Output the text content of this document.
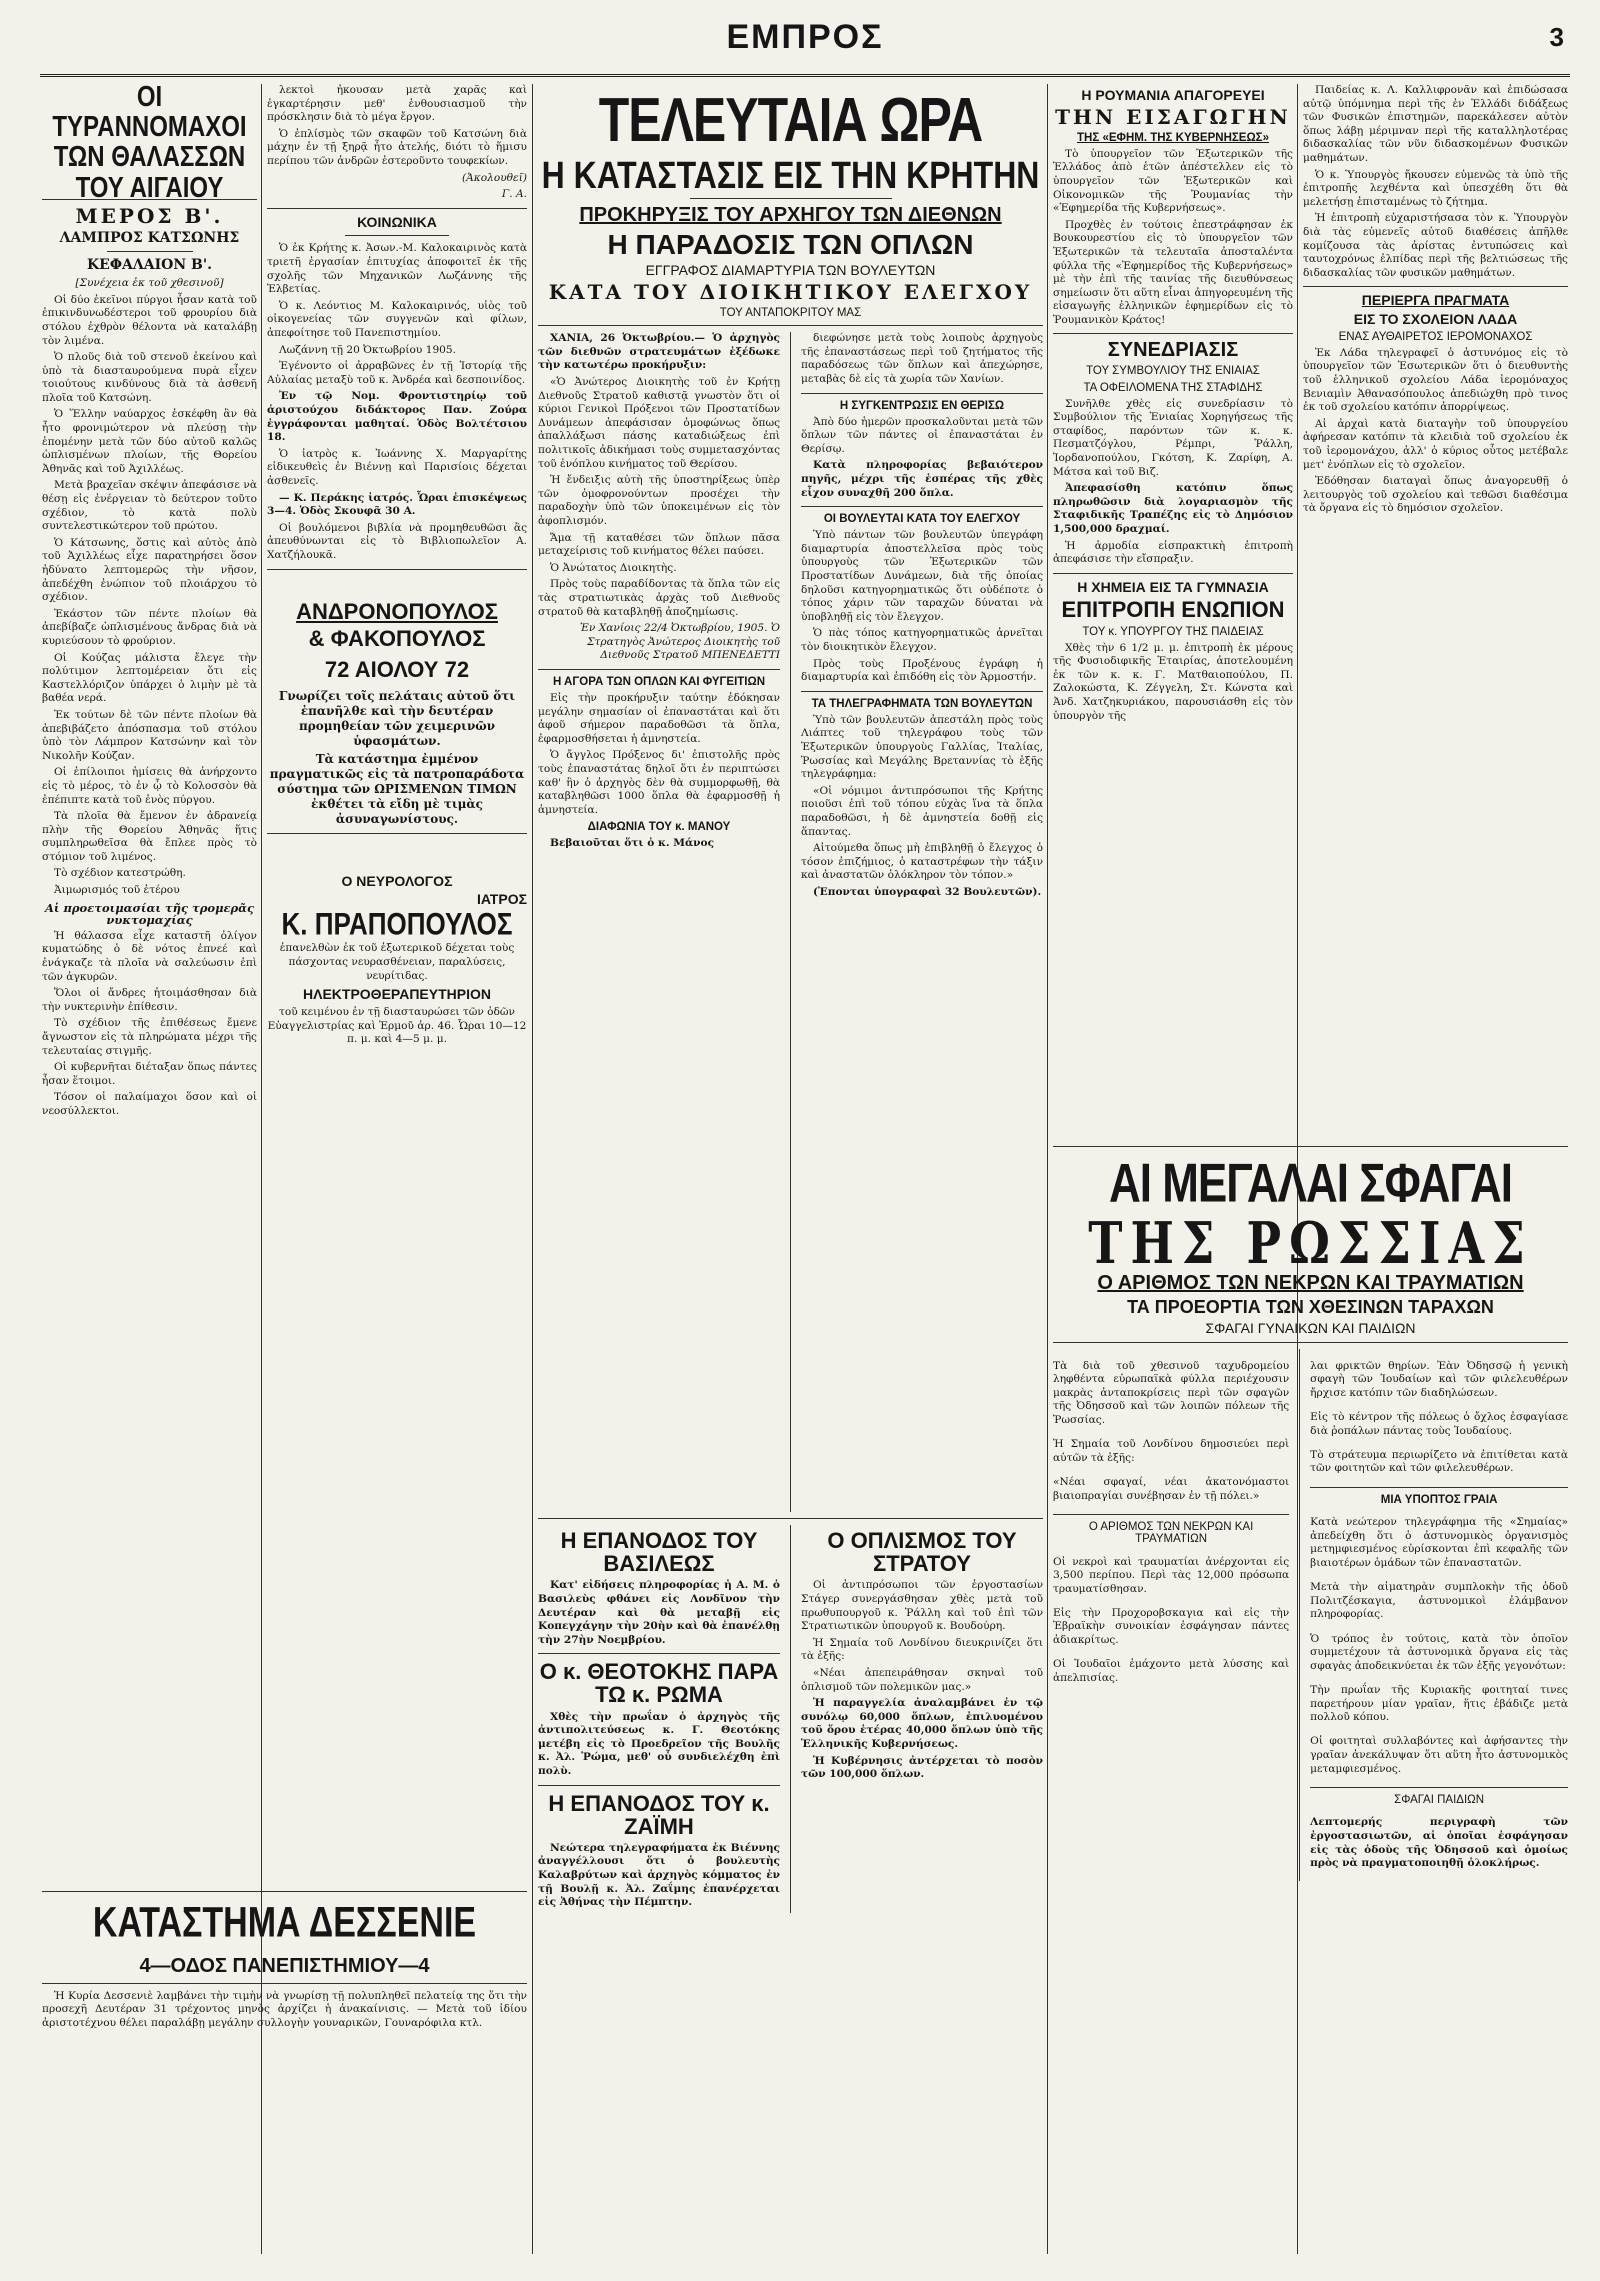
ΕΜΠΡΟΣ	3
ΟΙ ΤΥΡΑΝΝΟΜΑΧΟΙ ΤΩΝ ΘΑΛΑΣΣΩΝ ΤΟΥ ΑΙΓΑΙΟΥ
ΜΕΡΟΣ Β'.
ΛΑΜΠΡΟΣ ΚΑΤΣΩΝΗΣ
ΚΕΦΑΛΑΙΟΝ Β'.

[Συνέχεια ἐκ τοῦ χθεσινοῦ]

Οἱ δύο ἐκεῖνοι πύργοι ἦσαν κατὰ τοῦ ἐπικινδυνωδέστεροι τοῦ φρουρίου διὰ στόλου ἐχθρὸν θέλοντα νὰ καταλάβῃ τὸν λιμένα.

Ὁ πλοῦς διὰ τοῦ στενοῦ ἐκείνου καὶ ὑπὸ τὰ διασταυρούμενα πυρὰ εἶχεν τοιούτους κινδύνους διὰ τὰ ἀσθενῆ πλοῖα τοῦ Κατσώνη.

Ὁ Ἕλλην ναύαρχος ἐσκέφθη ἂν θὰ ἦτο φρονιμώτερον νὰ πλεύσῃ τὴν ἑπομένην μετὰ τῶν δύο αὐτοῦ καλῶς ὡπλισμένων πλοίων, τῆς Θορείου Ἀθηνᾶς καὶ τοῦ Ἀχιλλέως.

Μετὰ βραχεῖαν σκέψιν ἀπεφάσισε νὰ θέσῃ εἰς ἐνέργειαν τὸ δεύτερον τοῦτο σχέδιον, τὸ κατὰ πολὺ συντελεστικώτερον τοῦ πρώτου.

Ὁ Κάτσωνης, ὅστις καὶ αὐτὸς ἀπὸ τοῦ Ἀχιλλέως εἶχε παρατηρήσει ὅσον ἠδύνατο λεπτομερῶς τὴν νῆσον, ἀπεδέχθη ἐνώπιον τοῦ πλοιάρχου τὸ σχέδιον.

Ἐκάστον τῶν πέντε πλοίων θὰ ἀπεβίβαζε ὡπλισμένους ἄνδρας διὰ νὰ κυριεύσουν τὸ φρούριον.

Οἱ Κούζας μάλιστα ἔλεγε τὴν πολύτιμον λεπτομέρειαν ὅτι εἰς Καστελλόριζον ὑπάρχει ὁ λιμὴν μὲ τὰ βαθέα νερά.

Ἐκ τούτων δὲ τῶν πέντε πλοίων θὰ ἀπεβιβάζετο ἀπόσπασμα τοῦ στόλου ὑπὸ τὸν Λάμπρον Κατσώνην καὶ τὸν Νικολῆν Κούζαν.

Οἱ ἐπίλοιποι ἡμίσεις θὰ ἀνήρχοντο εἰς τὸ μέρος, τὸ ἐν ᾧ τὸ Κολοσσὸν θὰ ἐπέπιπτε κατὰ τοῦ ἐνὸς πύργου.

Τὰ πλοῖα θὰ ἔμενον ἐν ἀδρανείᾳ πλὴν τῆς Θορείου Ἀθηνᾶς ἥτις συμπληρωθεῖσα θὰ ἔπλεε πρὸς τὸ στόμιον τοῦ λιμένος.

Τὸ σχέδιον κατεστρώθη.

Ἀιμωρισμός τοῦ ἐτέρου

Αἱ προετοιμασίαι τῆς τρομερᾶς νυκτομαχίας

Ἡ θάλασσα εἶχε καταστῆ ὀλίγον κυματώδης ὁ δὲ νότος ἐπνεέ καὶ ἐνάγκαζε τὰ πλοῖα νὰ σαλεύωσιν ἐπὶ τῶν ἀγκυρῶν.

Ὅλοι οἱ ἄνδρες ἠτοιμάσθησαν διὰ τὴν νυκτερινὴν ἐπίθεσιν.

Τὸ σχέδιον τῆς ἐπιθέσεως ἔμενε ἄγνωστον εἰς τὰ πληρώματα μέχρι τῆς τελευταίας στιγμῆς.

Οἱ κυβερνῆται διέταξαν ὅπως πάντες ἦσαν ἕτοιμοι.

Τόσον οἱ παλαίμαχοι ὅσον καὶ οἱ νεοσύλλεκτοι.

ΚΑΤΑΣΤΗΜΑ ΔΕΣΣΕΝΙΕ
4—ΟΔΟΣ ΠΑΝΕΠΙΣΤΗΜΙΟΥ—4

Ἡ Κυρία Δεσσενιὲ λαμβάνει τὴν τιμὴν νὰ γνωρίσῃ τῇ πολυπληθεῖ πελατείᾳ της ὅτι τὴν προσεχῆ Δευτέραν 31 τρέχοντος μηνὸς ἀρχίζει ἡ ἀνακαίνισις. — Μετὰ τοῦ ἰδίου ἀριστοτέχνου θέλει παραλάβῃ μεγάλην συλλογὴν γουναρικῶν, Γουναρόφιλα κτλ.

λεκτοὶ ἦκουσαν μετὰ χαρᾶς καὶ ἐγκαρτέρησιν μεθ' ἐνθουσιασμοῦ τὴν πρόσκλησιν διὰ τὸ μέγα ἔργον.

Ὁ ἐπλίσμὸς τῶν σκαφῶν τοῦ Κατσώνη διὰ μάχην ἐν τῇ ξηρᾷ ἦτο ἀτελής, διότι τὸ ἥμισυ περίπου τῶν ἀνδρῶν ἐστεροῦντο τουφεκίων.

(Ἀκολουθεῖ)

Γ. Α.

ΚΟΙΝΩΝΙΚΑ

Ὁ ἐκ Κρήτης κ. Ἀσων.-Μ. Καλοκαιρινὸς κατὰ τριετῆ ἐργασίαν ἐπιτυχίας ἀποφοιτεῖ ἐκ τῆς σχολῆς τῶν Μηχανικῶν Λωζάννης τῆς Ἑλβετίας.

Ὁ κ. Λεόντιος Μ. Καλοκαιρινός, υἱὸς τοῦ οἰκογενείας τῶν συγγενῶν καὶ φίλων, ἀπεφοίτησε τοῦ Πανεπιστημίου.

Λωζάννη τῇ 20 Ὀκτωβρίου 1905.

Ἐγένοντο οἱ ἀρραβῶνες ἐν τῇ Ἱστορίᾳ τῆς Αὐλαίας μεταξὺ τοῦ κ. Ἀνδρέα καὶ δεσποινίδος.

Ἐν τῷ Νομ. Φροντιστηρίῳ τοῦ ἀριστούχου διδάκτορος Παν. Ζούρα ἐγγράφονται μαθηταί. Ὁδὸς Βολτέτσιου 18.

Ὁ ἰατρὸς κ. Ἰωάννης Χ. Μαργαρίτης εἰδικευθεὶς ἐν Βιέννῃ καὶ Παρισίοις δέχεται ἀσθενεῖς.

— Κ. Περάκης ἰατρός. Ὧραι ἐπισκέψεως 3—4. Ὁδὸς Σκουφᾶ 30 Α.

Οἱ βουλόμενοι βιβλία νὰ προμηθευθῶσι ἂς ἀπευθύνωνται εἰς τὸ Βιβλιοπωλεῖον Α. Χατζήλουκᾶ.

ΑΝΔΡΟΝΟΠΟΥΛΟΣ
& ΦΑΚΟΠΟΥΛΟΣ
72 ΑΙΟΛΟΥ 72

Γνωρίζει τοῖς πελάταις αὐτοῦ ὅτι ἐπανῆλθε καὶ τὴν δευτέραν προμηθείαν τῶν χειμερινῶν ὑφασμάτων.

Τὰ κατάστημα ἐμμένον πραγματικῶς εἰς τὰ πατροπαράδοτα σύστημα τῶν ΩΡΙΣΜΕΝΩΝ ΤΙΜΩΝ ἐκθέτει τὰ εἴδη μὲ τιμὰς ἀσυναγωνίστους.

Ο ΝΕΥΡΟΛΟΓΟΣ
ΙΑΤΡΟΣ
Κ. ΠΡΑΠΟΠΟΥΛΟΣ

ἐπανελθὼν ἐκ τοῦ ἐξωτερικοῦ δέχεται τοὺς πάσχοντας νευρασθένειαν, παραλύσεις, νευρίτιδας.

ΗΛΕΚΤΡΟΘΕΡΑΠΕΥΤΗΡΙΟΝ

τοῦ κειμένου ἐν τῇ διασταυρώσει τῶν ὁδῶν Εὐαγγελιστρίας καὶ Ἑρμοῦ ἀρ. 46. Ὧραι 10—12 π. μ. καὶ 4—5 μ. μ.

ΤΕΛΕΥΤΑΙΑ ΩΡΑ
Η ΚΑΤΑΣΤΑΣΙΣ ΕΙΣ ΤΗΝ ΚΡΗΤΗΝ
ΠΡΟΚΗΡΥΞΙΣ ΤΟΥ ΑΡΧΗΓΟΥ ΤΩΝ ΔΙΕΘΝΩΝ
Η ΠΑΡΑΔΟΣΙΣ ΤΩΝ ΟΠΛΩΝ
ΕΓΓΡΑΦΟΣ ΔΙΑΜΑΡΤΥΡΙΑ ΤΩΝ ΒΟΥΛΕΥΤΩΝ
ΚΑΤΑ ΤΟΥ ΔΙΟΙΚΗΤΙΚΟΥ ΕΛΕΓΧΟΥ
ΤΟΥ ΑΝΤΑΠΟΚΡΙΤΟΥ ΜΑΣ

ΧΑΝΙΑ, 26 Ὀκτωβρίου.— Ὁ ἀρχηγὸς τῶν διεθνῶν στρατευμάτων ἐξέδωκε τὴν κατωτέρω προκήρυξιν:

«Ὁ Ἀνώτερος Διοικητὴς τοῦ ἐν Κρήτῃ Διεθνοῦς Στρατοῦ καθιστᾷ γνωστὸν ὅτι οἱ κύριοι Γενικοὶ Πρόξενοι τῶν Προστατίδων Δυνάμεων ἀπεφάσισαν ὁμοφώνως ὅπως ἀπαλλάξωσι πάσης καταδιώξεως ἐπὶ πολιτικοῖς ἀδικήμασι τοὺς συμμετασχόντας τοῦ ἐνόπλου κινήματος τοῦ Θερίσου.

Ἡ ἔνδειξις αὐτὴ τῆς ὑποστηρίξεως ὑπὲρ τῶν ὁμοφρονούντων προσέχει τὴν παραδοχὴν ὑπὸ τῶν ὑποκειμένων εἰς τὸν ἀφοπλισμόν.

Ἄμα τῇ καταθέσει τῶν ὅπλων πᾶσα μεταχείρισις τοῦ κινήματος θέλει παύσει.

Ὁ Ἀνώτατος Διοικητὴς.

Πρὸς τοὺς παραδίδοντας τὰ ὅπλα τῶν εἰς τὰς στρατιωτικὰς ἀρχὰς τοῦ Διεθνοῦς στρατοῦ θὰ καταβληθῇ ἀποζημίωσις.

Ἐν Χανίοις 22/4 Ὀκτωβρίου, 1905. Ὁ Στρατηγὸς Ἀνώτερος Διοικητὴς τοῦ Διεθνοῦς Στρατοῦ ΜΠΕΝΕΔΕΤΤΙ

Η ΑΓΟΡΑ ΤΩΝ ΟΠΛΩΝ ΚΑΙ ΦΥΓΕΙΤΙΩΝ

Εἰς τὴν προκήρυξιν ταύτην ἐδόκησαν μεγάλην σημασίαν οἱ ἐπαναστάται καὶ ὅτι ἀφοῦ σήμερον παραδοθῶσι τὰ ὅπλα, ἐφαρμοσθήσεται ἡ ἀμνηστεία.

Ὁ ἄγγλος Πρόξενος δι' ἐπιστολῆς πρὸς τοὺς ἐπαναστάτας δηλοῖ ὅτι ἐν περιπτώσει καθ' ἣν ὁ ἀρχηγὸς δὲν θὰ συμμορφωθῇ, θὰ καταβληθῶσι 1000 ὅπλα θὰ ἐφαρμοσθῇ ἡ ἀμνηστεία.

ΔΙΑΦΩΝΙΑ ΤΟΥ κ. ΜΑΝΟΥ

Βεβαιοῦται ὅτι ὁ κ. Μάνος

διεφώνησε μετὰ τοὺς λοιποὺς ἀρχηγοὺς τῆς ἐπαναστάσεως περὶ τοῦ ζητήματος τῆς παραδόσεως τῶν ὅπλων καὶ ἀπεχώρησε, μεταβὰς δὲ εἰς τὰ χωρία τῶν Χανίων.

Η ΣΥΓΚΕΝΤΡΩΣΙΣ ΕΝ ΘΕΡΙΣΩ

Ἀπὸ δύο ἡμερῶν προσκαλοῦνται μετὰ τῶν ὅπλων τῶν πάντες οἱ ἐπαναστάται ἐν Θερίσῳ.

Κατὰ πληροφορίας βεβαιότερον πηγῆς, μέχρι τῆς ἑσπέρας τῆς χθὲς εἶχον συναχθῆ 200 ὅπλα.

ΟΙ ΒΟΥΛΕΥΤΑΙ ΚΑΤΑ ΤΟΥ ΕΛΕΓΧΟΥ

Ὑπὸ πάντων τῶν βουλευτῶν ὑπεγράφη διαμαρτυρία ἀποστελλεῖσα πρὸς τοὺς ὑπουργοὺς τῶν Ἐξωτερικῶν τῶν Προστατίδων Δυνάμεων, διὰ τῆς ὁποίας δηλοῦσι κατηγορηματικῶς ὅτι οὐδέποτε ὁ τόπος χάριν τῶν ταραχῶν δύναται νὰ ὑποβληθῇ εἰς τὸν ἔλεγχον.

Ὁ πὰς τόπος κατηγορηματικῶς ἀρνεῖται τὸν διοικητικὸν ἔλεγχον.

Πρὸς τοὺς Προξένους ἐγράφη ἡ διαμαρτυρία καὶ ἐπιδόθη εἰς τὸν Ἀρμοστήν.

ΤΑ ΤΗΛΕΓΡΑΦΗΜΑΤΑ ΤΩΝ ΒΟΥΛΕΥΤΩΝ

Ὑπὸ τῶν βουλευτῶν ἀπεστάλη πρὸς τοὺς Λιάπτες τοῦ τηλεγράφου τοὺς τῶν Ἐξωτερικῶν ὑπουργοὺς Γαλλίας, Ἰταλίας, Ῥωσσίας καὶ Μεγάλης Βρεταννίας τὸ ἑξῆς τηλεγράφημα:

«Οἱ νόμιμοι ἀντιπρόσωποι τῆς Κρήτης ποιοῦσι ἐπὶ τοῦ τόπου εὐχὰς ἵνα τὰ ὅπλα παραδοθῶσι, ἡ δὲ ἀμνηστεία δοθῇ εἰς ἅπαντας.

Αἰτούμεθα ὅπως μὴ ἐπιβληθῇ ὁ ἔλεγχος ὁ τόσον ἐπιζήμιος, ὁ καταστρέφων τὴν τάξιν καὶ ἀναστατῶν ὁλόκληρον τὸν τόπον.»

(Ἐπονται ὑπογραφαὶ 32 Βουλευτῶν).

Η ΕΠΑΝΟΔΟΣ ΤΟΥ ΒΑΣΙΛΕΩΣ

Κατ' εἰδήσεις πληροφορίας ἡ Α. Μ. ὁ Βασιλεὺς φθάνει εἰς Λονδῖνον τὴν Δευτέραν καὶ θὰ μεταβῇ εἰς Κοπεγχάγην τὴν 20ὴν καὶ θὰ ἐπανέλθῃ τὴν 27ὴν Νοεμβρίου.

Ο κ. ΘΕΟΤΟΚΗΣ ΠΑΡΑ ΤΩ κ. ΡΩΜΑ

Χθὲς τὴν πρωΐαν ὁ ἀρχηγὸς τῆς ἀντιπολιτεύσεως κ. Γ. Θεοτόκης μετέβη εἰς τὸ Προεδρεῖον τῆς Βουλῆς κ. Ἀλ. Ῥώμα, μεθ' οὗ συνδιελέχθη ἐπὶ πολὺ.

Η ΕΠΑΝΟΔΟΣ ΤΟΥ κ. ΖΑΪΜΗ

Νεώτερα τηλεγραφήματα ἐκ Βιέννης ἀναγγέλλουσι ὅτι ὁ βουλευτὴς Καλαβρύτων καὶ ἀρχηγὸς κόμματος ἐν τῇ Βουλῇ κ. Ἀλ. Ζαΐμης ἐπανέρχεται εἰς Ἀθήνας τὴν Πέμπτην.

Ο ΟΠΛΙΣΜΟΣ ΤΟΥ ΣΤΡΑΤΟΥ

Οἱ ἀντιπρόσωποι τῶν ἐργοστασίων Στάγερ συνεργάσθησαν χθὲς μετὰ τοῦ πρωθυπουργοῦ κ. Ῥάλλη καὶ τοῦ ἐπὶ τῶν Στρατιωτικῶν ὑπουργοῦ κ. Βουδούρη.

Ἡ Σημαία τοῦ Λονδίνου διευκρινίζει ὅτι τὰ ἑξῆς:

«Νέαι ἀπεπειράθησαν σκηναὶ τοῦ ὁπλισμοῦ τῶν πολεμικῶν μας.»

Ἡ παραγγελία ἀναλαμβάνει ἐν τῷ συνόλῳ 60,000 ὅπλων, ἐπιλυομένου τοῦ ὅρου ἑτέρας 40,000 ὅπλων ὑπὸ τῆς Ἑλληνικῆς Κυβερνήσεως.

Ἡ Κυβέρνησις ἀντέρχεται τὸ ποσὸν τῶν 100,000 ὅπλων.

Η ΡΟΥΜΑΝΙΑ ΑΠΑΓΟΡΕΥΕΙ
ΤΗΝ ΕΙΣΑΓΩΓΗΝ
ΤΗΣ «ΕΦΗΜ. ΤΗΣ ΚΥΒΕΡΝΗΣΕΩΣ»

Τὸ ὑπουργεῖον τῶν Ἐξωτερικῶν τῆς Ἑλλάδος ἀπὸ ἑτῶν ἀπέστελλεν εἰς τὸ ὑπουργεῖον τῶν Ἐξωτερικῶν καὶ Οἰκονομικῶν τῆς Ῥουμανίας τὴν «Ἐφημερίδα τῆς Κυβερνήσεως».

Προχθὲς ἐν τούτοις ἐπεστράφησαν ἐκ Βουκουρεστίου εἰς τὸ ὑπουργεῖον τῶν Ἐξωτερικῶν τὰ τελευταῖα ἀποσταλέντα φύλλα τῆς «Ἐφημερίδος τῆς Κυβερνήσεως» μὲ τὴν ἐπὶ τῆς ταινίας τῆς διευθύνσεως σημείωσιν ὅτι αὕτη εἶναι ἀπηγορευμένη τῆς εἰσαγωγῆς ἑλληνικῶν ἐφημερίδων εἰς τὸ Ῥουμανικὸν Κράτος!

ΣΥΝΕΔΡΙΑΣΙΣ
ΤΟΥ ΣΥΜΒΟΥΛΙΟΥ ΤΗΣ ΕΝΙΑΙΑΣ
ΤΑ ΟΦΕΙΛΟΜΕΝΑ ΤΗΣ ΣΤΑΦΙΔΗΣ

Συνῆλθε χθὲς εἰς συνεδρίασιν τὸ Συμβούλιον τῆς Ἐνιαίας Χορηγήσεως τῆς σταφίδος, παρόντων τῶν κ. κ. Πεσματζόγλου, Ρέμπρι, Ῥάλλη, Ἰορδανοπούλου, Γκότση, Κ. Ζαρίφη, Α. Μάτσα καὶ τοῦ Βιζ.

Ἀπεφασίσθη κατόπιν ὅπως πληρωθῶσιν διὰ λογαριασμὸν τῆς Σταφιδικῆς Τραπέζης εἰς τὸ Δημόσιον 1,500,000 δραχμαί.

Ἡ ἀρμοδία εἰσπρακτικὴ ἐπιτροπὴ ἀπεφάσισε τὴν εἴσπραξιν.

Η ΧΗΜΕΙΑ ΕΙΣ ΤΑ ΓΥΜΝΑΣΙΑ
ΕΠΙΤΡΟΠΗ ΕΝΩΠΙΟΝ
ΤΟΥ κ. ΥΠΟΥΡΓΟΥ ΤΗΣ ΠΑΙΔΕΙΑΣ

Χθὲς τὴν 6 1/2 μ. μ. ἐπιτροπὴ ἐκ μέρους τῆς Φυσιοδιφικῆς Ἑταιρίας, ἀποτελουμένη ἐκ τῶν κ. κ. Γ. Ματθαιοπούλου, Π. Ζαλοκώστα, Κ. Ζέγγελη, Στ. Κώνστα καὶ Ἀνδ. Χατζηκυριάκου, παρουσιάσθη εἰς τὸν ὑπουργὸν τῆς

Παιδείας κ. Λ. Καλλιφρονᾶν καὶ ἐπιδώσασα αὐτῷ ὑπόμνημα περὶ τῆς ἐν Ἑλλάδι διδάξεως τῶν Φυσικῶν ἐπιστημῶν, παρεκάλεσεν αὐτὸν ὅπως λάβῃ μέριμναν περὶ τῆς καταλληλοτέρας διδασκαλίας τῶν νῦν διδασκομένων Φυσικῶν μαθημάτων.

Ὁ κ. Ὑπουργὸς ἤκουσεν εὐμενῶς τὰ ὑπὸ τῆς ἐπιτροπῆς λεχθέντα καὶ ὑπεσχέθη ὅτι θὰ μελετήσῃ ἐπισταμένως τὸ ζήτημα.

Ἡ ἐπιτροπὴ εὐχαριστήσασα τὸν κ. Ὑπουργὸν διὰ τὰς εὐμενεῖς αὐτοῦ διαθέσεις ἀπῆλθε κομίζουσα τὰς ἀρίστας ἐντυπώσεις καὶ ταυτοχρόνως ἐλπίδας περὶ τῆς βελτιώσεως τῆς διδασκαλίας τῶν φυσικῶν μαθημάτων.

ΠΕΡΙΕΡΓΑ ΠΡΑΓΜΑΤΑ
ΕΙΣ ΤΟ ΣΧΟΛΕΙΟΝ ΛΑΔΑ
ΕΝΑΣ ΑΥΘΑΙΡΕΤΟΣ ΙΕΡΟΜΟΝΑΧΟΣ

Ἐκ Λάδα τηλεγραφεῖ ὁ ἀστυνόμος εἰς τὸ ὑπουργεῖον τῶν Ἐσωτερικῶν ὅτι ὁ διευθυντὴς τοῦ ἑλληνικοῦ σχολείου Λάδα ἱερομόναχος Βενιαμὶν Ἀθανασόπουλος ἀπεδιώχθη πρὸ τινος ἐκ τοῦ σχολείου κατόπιν ἀπορρίψεως.

Αἱ ἀρχαὶ κατὰ διαταγὴν τοῦ ὑπουργείου ἀφήρεσαν κατόπιν τὰ κλειδιὰ τοῦ σχολείου ἐκ τοῦ ἱερομονάχου, ἀλλ' ὁ κύριος οὗτος μετέβαλε μετ' ἐνόπλων εἰς τὸ σχολεῖον.

Ἐδόθησαν διαταγαὶ ὅπως ἀναγορευθῇ ὁ λειτουργὸς τοῦ σχολείου καὶ τεθῶσι διαθέσιμα τὰ ὄργανα εἰς τὸ δημόσιον σχολεῖον.

ΑΙ ΜΕΓΑΛΑΙ ΣΦΑΓΑΙ
ΤΗΣ ΡΩΣΣΙΑΣ
Ο ΑΡΙΘΜΟΣ ΤΩΝ ΝΕΚΡΩΝ ΚΑΙ ΤΡΑΥΜΑΤΙΩΝ
ΤΑ ΠΡΟΕΟΡΤΙΑ ΤΩΝ ΧΘΕΣΙΝΩΝ ΤΑΡΑΧΩΝ
ΣΦΑΓΑΙ ΓΥΝΑΙΚΩΝ ΚΑΙ ΠΑΙΔΙΩΝ

Τὰ διὰ τοῦ χθεσινοῦ ταχυδρομείου ληφθέντα εὐρωπαϊκὰ φύλλα περιέχουσιν μακρὰς ἀνταποκρίσεις περὶ τῶν σφαγῶν τῆς Ὀδησσοῦ καὶ τῶν λοιπῶν πόλεων τῆς Ῥωσσίας.

Ἡ Σημαία τοῦ Λονδίνου δημοσιεύει περὶ αὐτῶν τὰ ἑξῆς:

«Νέαι σφαγαί, νέαι ἀκατονόμαστοι βιαιοπραγίαι συνέβησαν ἐν τῇ πόλει.»

Ο ΑΡΙΘΜΟΣ ΤΩΝ ΝΕΚΡΩΝ ΚΑΙ ΤΡΑΥΜΑΤΙΩΝ

Οἱ νεκροὶ καὶ τραυματίαι ἀνέρχονται εἰς 3,500 περίπου. Περὶ τὰς 12,000 πρόσωπα τραυματίσθησαν.

Εἰς τὴν Προχοροβσκαγια καὶ εἰς τὴν Ἐβραϊκὴν συνοικίαν ἐσφάγησαν πάντες ἀδιακρίτως.

Οἱ Ἰουδαῖοι ἐμάχοντο μετὰ λύσσης καὶ ἀπελπισίας.

λαι φρικτῶν θηρίων. Ἐὰν Ὀδησσῷ ἡ γενικὴ σφαγὴ τῶν Ἰουδαίων καὶ τῶν φιλελευθέρων ἤρχισε κατόπιν τῶν διαδηλώσεων.

Εἰς τὸ κέντρον τῆς πόλεως ὁ ὄχλος ἐσφαγίασε διὰ ῥοπάλων πάντας τοὺς Ἰουδαίους.

Τὸ στράτευμα περιωρίζετο νὰ ἐπιτίθεται κατὰ τῶν φοιτητῶν καὶ τῶν φιλελευθέρων.

ΜΙΑ ΥΠΟΠΤΟΣ ΓΡΑΙΑ

Κατὰ νεώτερον τηλεγράφημα τῆς «Σημαίας» ἀπεδείχθη ὅτι ὁ ἀστυνομικὸς ὀργανισμὸς μετημφιεσμένος εὑρίσκονται ἐπὶ κεφαλῆς τῶν βιαιοτέρων ὁμάδων τῶν ἐπαναστατῶν.

Μετὰ τὴν αἱματηρὰν συμπλοκὴν τῆς ὁδοῦ Πολιτζέσκαγια, ἀστυνομικοὶ ἐλάμβανον πληροφορίας.

Ὁ τρόπος ἐν τούτοις, κατὰ τὸν ὁποῖον συμμετέχουν τὰ ἀστυνομικὰ ὄργανα εἰς τὰς σφαγὰς ἀποδεικνύεται ἐκ τῶν ἑξῆς γεγονότων:

Τὴν πρωΐαν τῆς Κυριακῆς φοιτηταί τινες παρετήρουν μίαν γραῖαν, ἥτις ἐβάδιζε μετὰ πολλοῦ κόπου.

Οἱ φοιτηταὶ συλλαβόντες καὶ ἀφήσαντες τὴν γραῖαν ἀνεκάλυψαν ὅτι αὕτη ἦτο ἀστυνομικὸς μεταμφιεσμένος.

ΣΦΑΓΑΙ ΠΑΙΔΙΩΝ

Λεπτομερής περιγραφὴ τῶν ἐργοστασιωτῶν, αἱ ὁποῖαι ἐσφάγησαν εἰς τὰς ὁδοὺς τῆς Ὀδησσοῦ καὶ ὁμοίως πρὸς νὰ πραγματοποιηθῇ ὁλοκλήρως.
